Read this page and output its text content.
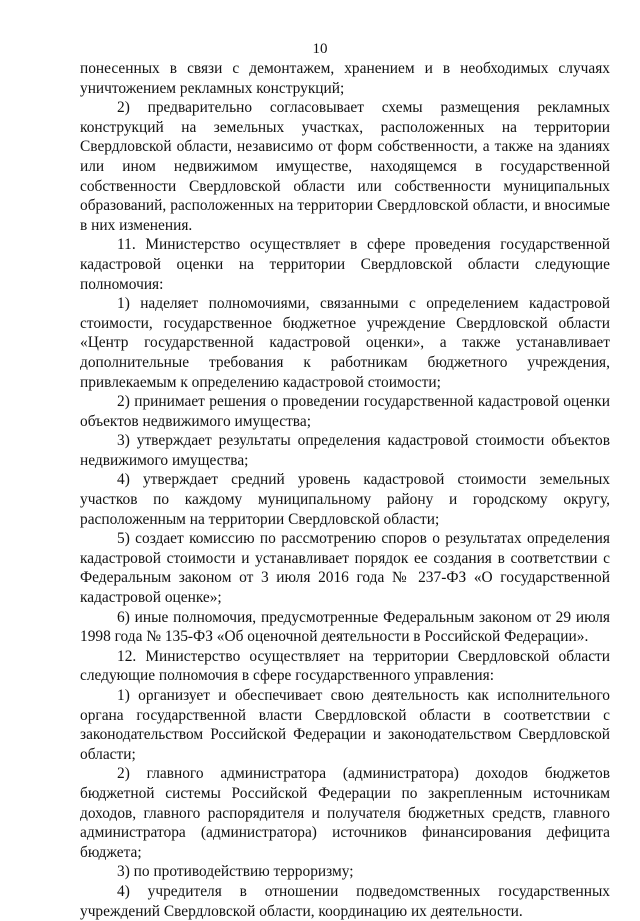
10

понесенных в связи с демонтажем, хранением и в необходимых случаях уничтожением рекламных конструкций;

2) предварительно согласовывает схемы размещения рекламных конструкций на земельных участках, расположенных на территории Свердловской области, независимо от форм собственности, а также на зданиях или ином недвижимом имуществе, находящемся в государственной собственности Свердловской области или собственности муниципальных образований, расположенных на территории Свердловской области, и вносимые в них изменения.

11. Министерство осуществляет в сфере проведения государственной кадастровой оценки на территории Свердловской области следующие полномочия:

1) наделяет полномочиями, связанными с определением кадастровой стоимости, государственное бюджетное учреждение Свердловской области «Центр государственной кадастровой оценки», а также устанавливает дополнительные требования к работникам бюджетного учреждения, привлекаемым к определению кадастровой стоимости;

2) принимает решения о проведении государственной кадастровой оценки объектов недвижимого имущества;

3) утверждает результаты определения кадастровой стоимости объектов недвижимого имущества;

4) утверждает средний уровень кадастровой стоимости земельных участков по каждому муниципальному району и городскому округу, расположенным на территории Свердловской области;

5) создает комиссию по рассмотрению споров о результатах определения кадастровой стоимости и устанавливает порядок ее создания в соответствии с Федеральным законом от 3 июля 2016 года № 237-ФЗ «О государственной кадастровой оценке»;

6) иные полномочия, предусмотренные Федеральным законом от 29 июля 1998 года № 135-ФЗ «Об оценочной деятельности в Российской Федерации».

12. Министерство осуществляет на территории Свердловской области следующие полномочия в сфере государственного управления:

1) организует и обеспечивает свою деятельность как исполнительного органа государственной власти Свердловской области в соответствии с законодательством Российской Федерации и законодательством Свердловской области;

2) главного администратора (администратора) доходов бюджетов бюджетной системы Российской Федерации по закрепленным источникам доходов, главного распорядителя и получателя бюджетных средств, главного администратора (администратора) источников финансирования дефицита бюджета;

3) по противодействию терроризму;

4) учредителя в отношении подведомственных государственных учреждений Свердловской области, координацию их деятельности.
